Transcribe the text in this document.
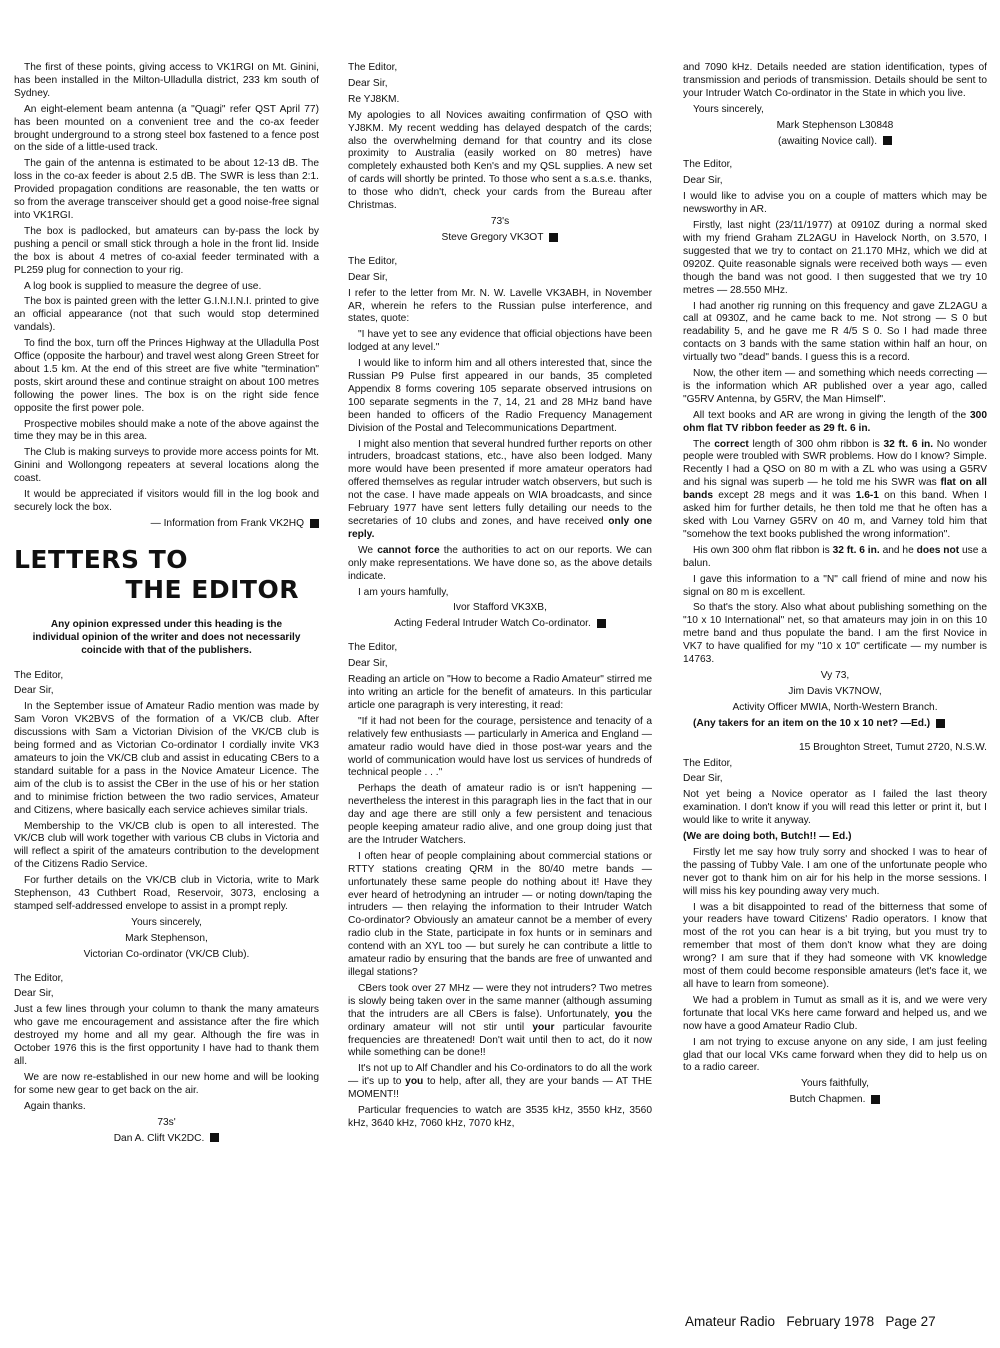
The first of these points, giving access to VK1RGI on Mt. Ginini, has been installed in the Milton-Ulladulla district, 233 km south of Sydney.

An eight-element beam antenna (a "Quagi" refer QST April 77) has been mounted on a convenient tree and the co-ax feeder brought underground to a strong steel box fastened to a fence post on the side of a little-used track.

The gain of the antenna is estimated to be about 12-13 dB. The loss in the co-ax feeder is about 2.5 dB. The SWR is less than 2:1. Provided propagation conditions are reasonable, the ten watts or so from the average transceiver should get a good noise-free signal into VK1RGI.

The box is padlocked, but amateurs can by-pass the lock by pushing a pencil or small stick through a hole in the front lid. Inside the box is about 4 metres of co-axial feeder terminated with a PL259 plug for connection to your rig.

A log book is supplied to measure the degree of use.

The box is painted green with the letter G.I.N.I.N.I. printed to give an official appearance (not that such would stop determined vandals).

To find the box, turn off the Princes Highway at the Ulladulla Post Office (opposite the harbour) and travel west along Green Street for about 1.5 km. At the end of this street are five white "termination" posts, skirt around these and continue straight on about 100 metres following the power lines. The box is on the right side fence opposite the first power pole.

Prospective mobiles should make a note of the above against the time they may be in this area.

The Club is making surveys to provide more access points for Mt. Ginini and Wollongong repeaters at several locations along the coast.

It would be appreciated if visitors would fill in the log book and securely lock the box.

— Information from Frank VK2HQ

LETTERS TO
THE EDITOR

Any opinion expressed under this heading is the individual opinion of the writer and does not necessarily coincide with that of the publishers.

The Editor,

Dear Sir,

In the September issue of Amateur Radio mention was made by Sam Voron VK2BVS of the formation of a VK/CB club. After discussions with Sam a Victorian Division of the VK/CB club is being formed and as Victorian Co-ordinator I cordially invite VK3 amateurs to join the VK/CB club and assist in educating CBers to a standard suitable for a pass in the Novice Amateur Licence. The aim of the club is to assist the CBer in the use of his or her station and to minimise friction between the two radio services, Amateur and Citizens, where basically each service achieves similar trials.

Membership to the VK/CB club is open to all interested. The VK/CB club will work together with various CB clubs in Victoria and will reflect a spirit of the amateurs contribution to the development of the Citizens Radio Service.

For further details on the VK/CB club in Victoria, write to Mark Stephenson, 43 Cuthbert Road, Reservoir, 3073, enclosing a stamped self-addressed envelope to assist in a prompt reply.

Yours sincerely,

Mark Stephenson,

Victorian Co-ordinator (VK/CB Club).

The Editor,

Dear Sir,

Just a few lines through your column to thank the many amateurs who gave me encouragement and assistance after the fire which destroyed my home and all my gear. Although the fire was in October 1976 this is the first opportunity I have had to thank them all.

We are now re-established in our new home and will be looking for some new gear to get back on the air.

Again thanks.

73s'

Dan A. Clift VK2DC.

The Editor,

Dear Sir,

Re YJ8KM.

My apologies to all Novices awaiting confirmation of QSO with YJ8KM. My recent wedding has delayed despatch of the cards; also the overwhelming demand for that country and its close proximity to Australia (easily worked on 80 metres) have completely exhausted both Ken's and my QSL supplies. A new set of cards will shortly be printed. To those who sent a s.a.s.e. thanks, to those who didn't, check your cards from the Bureau after Christmas.

73's

Steve Gregory VK3OT

The Editor,

Dear Sir,

I refer to the letter from Mr. N. W. Lavelle VK3ABH, in November AR, wherein he refers to the Russian pulse interference, and states, quote:

"I have yet to see any evidence that official objections have been lodged at any level."

I would like to inform him and all others interested that, since the Russian P9 Pulse first appeared in our bands, 35 completed Appendix 8 forms covering 105 separate observed intrusions on 100 separate segments in the 7, 14, 21 and 28 MHz band have been handed to officers of the Radio Frequency Management Division of the Postal and Telecommunications Department.

I might also mention that several hundred further reports on other intruders, broadcast stations, etc., have also been lodged. Many more would have been presented if more amateur operators had offered themselves as regular intruder watch observers, but such is not the case. I have made appeals on WIA broadcasts, and since February 1977 have sent letters fully detailing our needs to the secretaries of 10 clubs and zones, and have received only one reply.

We cannot force the authorities to act on our reports. We can only make representations. We have done so, as the above details indicate.

I am yours hamfully,

Ivor Stafford VK3XB,

Acting Federal Intruder Watch Co-ordinator.

The Editor,

Dear Sir,

Reading an article on "How to become a Radio Amateur" stirred me into writing an article for the benefit of amateurs. In this particular article one paragraph is very interesting, it read:

"If it had not been for the courage, persistence and tenacity of a relatively few enthusiasts — particularly in America and England — amateur radio would have died in those post-war years and the world of communication would have lost us services of hundreds of technical people . . ."

Perhaps the death of amateur radio is or isn't happening — nevertheless the interest in this paragraph lies in the fact that in our day and age there are still only a few persistent and tenacious people keeping amateur radio alive, and one group doing just that are the Intruder Watchers.

I often hear of people complaining about commercial stations or RTTY stations creating QRM in the 80/40 metre bands — unfortunately these same people do nothing about it! Have they ever heard of hetrodyning an intruder — or noting down/taping the intruders — then relaying the information to their Intruder Watch Co-ordinator? Obviously an amateur cannot be a member of every radio club in the State, participate in fox hunts or in seminars and contend with an XYL too — but surely he can contribute a little to amateur radio by ensuring that the bands are free of unwanted and illegal stations?

CBers took over 27 MHz — were they not intruders? Two metres is slowly being taken over in the same manner (although assuming that the intruders are all CBers is false). Unfortunately, you the ordinary amateur will not stir until your particular favourite frequencies are threatened! Don't wait until then to act, do it now while something can be done!!

It's not up to Alf Chandler and his Co-ordinators to do all the work — it's up to you to help, after all, they are your bands — AT THE MOMENT!!

Particular frequencies to watch are 3535 kHz, 3550 kHz, 3560 kHz, 3640 kHz, 7060 kHz, 7070 kHz,

and 7090 kHz. Details needed are station identification, types of transmission and periods of transmission. Details should be sent to your Intruder Watch Co-ordinator in the State in which you live.

Yours sincerely,

Mark Stephenson L30848

(awaiting Novice call).

The Editor,

Dear Sir,

I would like to advise you on a couple of matters which may be newsworthy in AR.

Firstly, last night (23/11/1977) at 0910Z during a normal sked with my friend Graham ZL2AGU in Havelock North, on 3.570, I suggested that we try to contact on 21.170 MHz, which we did at 0920Z. Quite reasonable signals were received both ways — even though the band was not good. I then suggested that we try 10 metres — 28.550 MHz.

I had another rig running on this frequency and gave ZL2AGU a call at 0930Z, and he came back to me. Not strong — S 0 but readability 5, and he gave me R 4/5 S 0. So I had made three contacts on 3 bands with the same station within half an hour, on virtually two "dead" bands. I guess this is a record.

Now, the other item — and something which needs correcting — is the information which AR published over a year ago, called "G5RV Antenna, by G5RV, the Man Himself".

All text books and AR are wrong in giving the length of the 300 ohm flat TV ribbon feeder as 29 ft. 6 in.

The correct length of 300 ohm ribbon is 32 ft. 6 in. No wonder people were troubled with SWR problems. How do I know? Simple. Recently I had a QSO on 80 m with a ZL who was using a G5RV and his signal was superb — he told me his SWR was flat on all bands except 28 megs and it was 1.6-1 on this band. When I asked him for further details, he then told me that he often has a sked with Lou Varney G5RV on 40 m, and Varney told him that "somehow the text books published the wrong information".

His own 300 ohm flat ribbon is 32 ft. 6 in. and he does not use a balun.

I gave this information to a "N" call friend of mine and now his signal on 80 m is excellent.

So that's the story. Also what about publishing something on the "10 x 10 International" net, so that amateurs may join in on this 10 metre band and thus populate the band. I am the first Novice in VK7 to have qualified for my "10 x 10" certificate — my number is 14763.

Vy 73,

Jim Davis VK7NOW,

Activity Officer MWIA, North-Western Branch.

(Any takers for an item on the 10 x 10 net? —Ed.)

15 Broughton Street, Tumut 2720, N.S.W.

The Editor,

Dear Sir,

Not yet being a Novice operator as I failed the last theory examination. I don't know if you will read this letter or print it, but I would like to write it anyway.

(We are doing both, Butch!! — Ed.)

Firstly let me say how truly sorry and shocked I was to hear of the passing of Tubby Vale. I am one of the unfortunate people who never got to thank him on air for his help in the morse sessions. I will miss his key pounding away very much.

I was a bit disappointed to read of the bitterness that some of your readers have toward Citizens' Radio operators. I know that most of the rot you can hear is a bit trying, but you must try to remember that most of them don't know what they are doing wrong? I am sure that if they had someone with VK knowledge most of them could become responsible amateurs (let's face it, we all have to learn from someone).

We had a problem in Tumut as small as it is, and we were very fortunate that local VKs here came forward and helped us, and we now have a good Amateur Radio Club.

I am not trying to excuse anyone on any side, I am just feeling glad that our local VKs came forward when they did to help us on to a radio career.

Yours faithfully,

Butch Chapmen.

Amateur Radio February 1978 Page 27
